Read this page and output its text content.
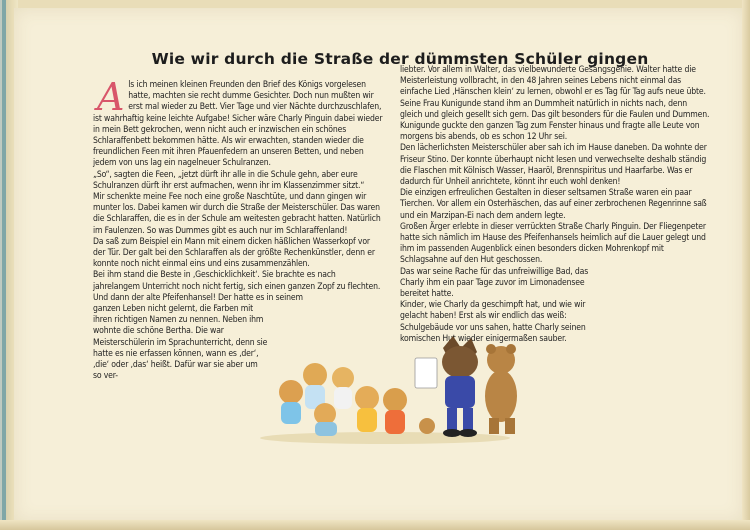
Wie wir durch die Straße der dümmsten Schüler gingen

Als ich meinen kleinen Freunden den Brief des Königs vorgelesen hatte, machten sie recht dumme Gesichter. Doch nun mußten wir erst mal wieder zu Bett. Vier Tage und vier Nächte durchzuschlafen, ist wahrhaftig keine leichte Aufgabe! Sicher wäre Charly Pinguin dabei wieder in mein Bett gekrochen, wenn nicht auch er inzwischen ein schönes Schlaraffenbett bekommen hätte. Als wir erwachten, standen wieder die freundlichen Feen mit ihren Pfauenfedern an unseren Betten, und neben jedem von uns lag ein nagelneuer Schulranzen.

„So“, sagten die Feen, „jetzt dürft ihr alle in die Schule gehn, aber eure Schulranzen dürft ihr erst aufmachen, wenn ihr im Klassenzimmer sitzt.“

Mir schenkte meine Fee noch eine große Naschtüte, und dann gingen wir munter los. Dabei kamen wir durch die Straße der Meisterschüler. Das waren die Schlaraffen, die es in der Schule am weitesten gebracht hatten. Natürlich im Faulenzen. So was Dummes gibt es auch nur im Schlaraffenland!

Da saß zum Beispiel ein Mann mit einem dicken häßlichen Wasserkopf vor der Tür. Der galt bei den Schlaraffen als der größte Rechenkünstler, denn er konnte noch nicht einmal eins und eins zusammenzählen.

Bei ihm stand die Beste in ‚Geschicklichkeit‘. Sie brachte es nach jahrelangem Unterricht noch nicht fertig, sich einen ganzen Zopf zu flechten.

Und dann der alte Pfeifenhansel! Der hatte es in seinem

ganzen Leben nicht gelernt, die Farben mit ihren richtigen Namen zu nennen. Neben ihm wohnte die schöne Bertha. Die war Meisterschülerin im Sprachunterricht, denn sie hatte es nie erfassen können, wann es ‚der‘, ‚die‘ oder ‚das‘ heißt. Dafür war sie aber um so ver-

liebter. Vor allem in Walter, das vielbewunderte Gesangsgenie. Walter hatte die Meisterleistung vollbracht, in den 48 Jahren seines Lebens nicht einmal das einfache Lied ‚Hänschen klein‘ zu lernen, obwohl er es Tag für Tag aufs neue übte.

Seine Frau Kunigunde stand ihm an Dummheit natürlich in nichts nach, denn gleich und gleich gesellt sich gern. Das gilt besonders für die Faulen und Dummen. Kunigunde guckte den ganzen Tag zum Fenster hinaus und fragte alle Leute von morgens bis abends, ob es schon 12 Uhr sei.

Den lächerlichsten Meisterschüler aber sah ich im Hause daneben. Da wohnte der Friseur Stino. Der konnte überhaupt nicht lesen und verwechselte deshalb ständig die Flaschen mit Kölnisch Wasser, Haaröl, Brennspiritus und Haarfarbe. Was er dadurch für Unheil anrichtete, könnt ihr euch wohl denken!

Die einzigen erfreulichen Gestalten in dieser seltsamen Straße waren ein paar Tierchen. Vor allem ein Osterhäschen, das auf einer zerbrochenen Regenrinne saß und ein Marzipan-Ei nach dem andern legte.

Großen Ärger erlebte in dieser verrückten Straße Charly Pinguin. Der Fliegenpeter hatte sich nämlich im Hause des Pfeifenhansels heimlich auf die Lauer gelegt und ihm im passenden Augenblick einen besonders dicken Mohrenkopf mit Schlagsahne auf den Hut geschossen.

Das war seine Rache für das unfreiwillige Bad, das Charly ihm ein paar Tage zuvor im Limonadensee bereitet hatte.

Kinder, wie Charly da geschimpft hat, und wie wir gelacht haben! Erst als wir endlich das weiß: Schulgebäude vor uns sahen, hatte Charly seinen komischen Hut wieder einigermaßen sauber.
